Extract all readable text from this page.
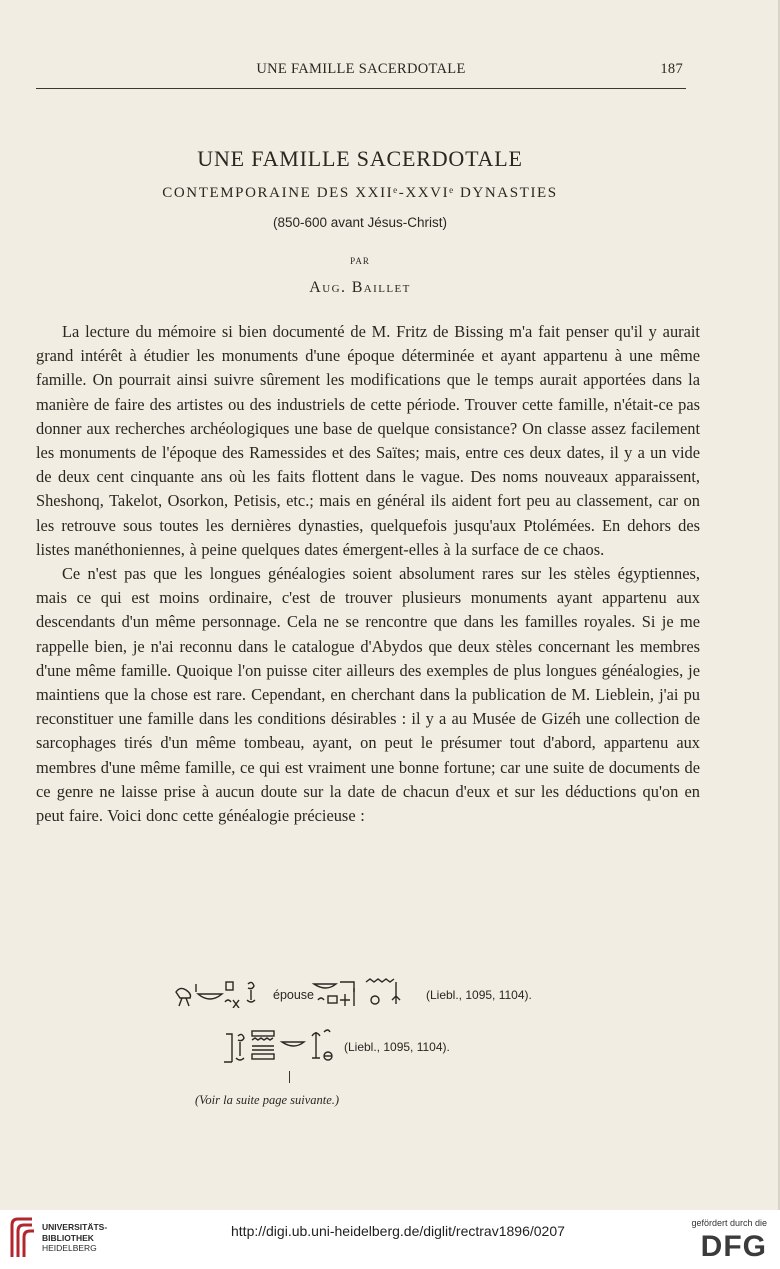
UNE FAMILLE SACERDOTALE	187
UNE FAMILLE SACERDOTALE
CONTEMPORAINE DES XXIIᵉ-XXVIᵉ DYNASTIES
(850-600 avant Jésus-Christ)
PAR
Aug. Baillet

La lecture du mémoire si bien documenté de M. Fritz de Bissing m'a fait penser qu'il y aurait grand intérêt à étudier les monuments d'une époque déterminée et ayant appartenu à une même famille. On pourrait ainsi suivre sûrement les modifications que le temps aurait apportées dans la manière de faire des artistes ou des industriels de cette période. Trouver cette famille, n'était-ce pas donner aux recherches archéologiques une base de quelque consistance? On classe assez facilement les monuments de l'époque des Ramessides et des Saïtes; mais, entre ces deux dates, il y a un vide de deux cent cinquante ans où les faits flottent dans le vague. Des noms nouveaux apparaissent, Sheshonq, Takelot, Osorkon, Petisis, etc.; mais en général ils aident fort peu au classement, car on les retrouve sous toutes les dernières dynasties, quelquefois jusqu'aux Ptolémées. En dehors des listes manéthoniennes, à peine quelques dates émergent-elles à la surface de ce chaos.

Ce n'est pas que les longues généalogies soient absolument rares sur les stèles égyptiennes, mais ce qui est moins ordinaire, c'est de trouver plusieurs monuments ayant appartenu aux descendants d'un même personnage. Cela ne se rencontre que dans les familles royales. Si je me rappelle bien, je n'ai reconnu dans le catalogue d'Abydos que deux stèles concernant les membres d'une même famille. Quoique l'on puisse citer ailleurs des exemples de plus longues généalogies, je maintiens que la chose est rare. Cependant, en cherchant dans la publication de M. Lieblein, j'ai pu reconstituer une famille dans les conditions désirables : il y a au Musée de Gizéh une collection de sarcophages tirés d'un même tombeau, ayant, on peut le présumer tout d'abord, appartenu aux membres d'une même famille, ce qui est vraiment une bonne fortune; car une suite de documents de ce genre ne laisse prise à aucun doute sur la date de chacun d'eux et sur les déductions qu'on en peut faire. Voici donc cette généalogie précieuse :

épouse	(Liebl., 1095, 1104).
(Liebl., 1095, 1104).
(Voir la suite page suivante.)
UNIVERSITÄTS-
BIBLIOTHEK
HEIDELBERG
http://digi.ub.uni-heidelberg.de/diglit/rectrav1896/0207	gefördert durch die
DFG
